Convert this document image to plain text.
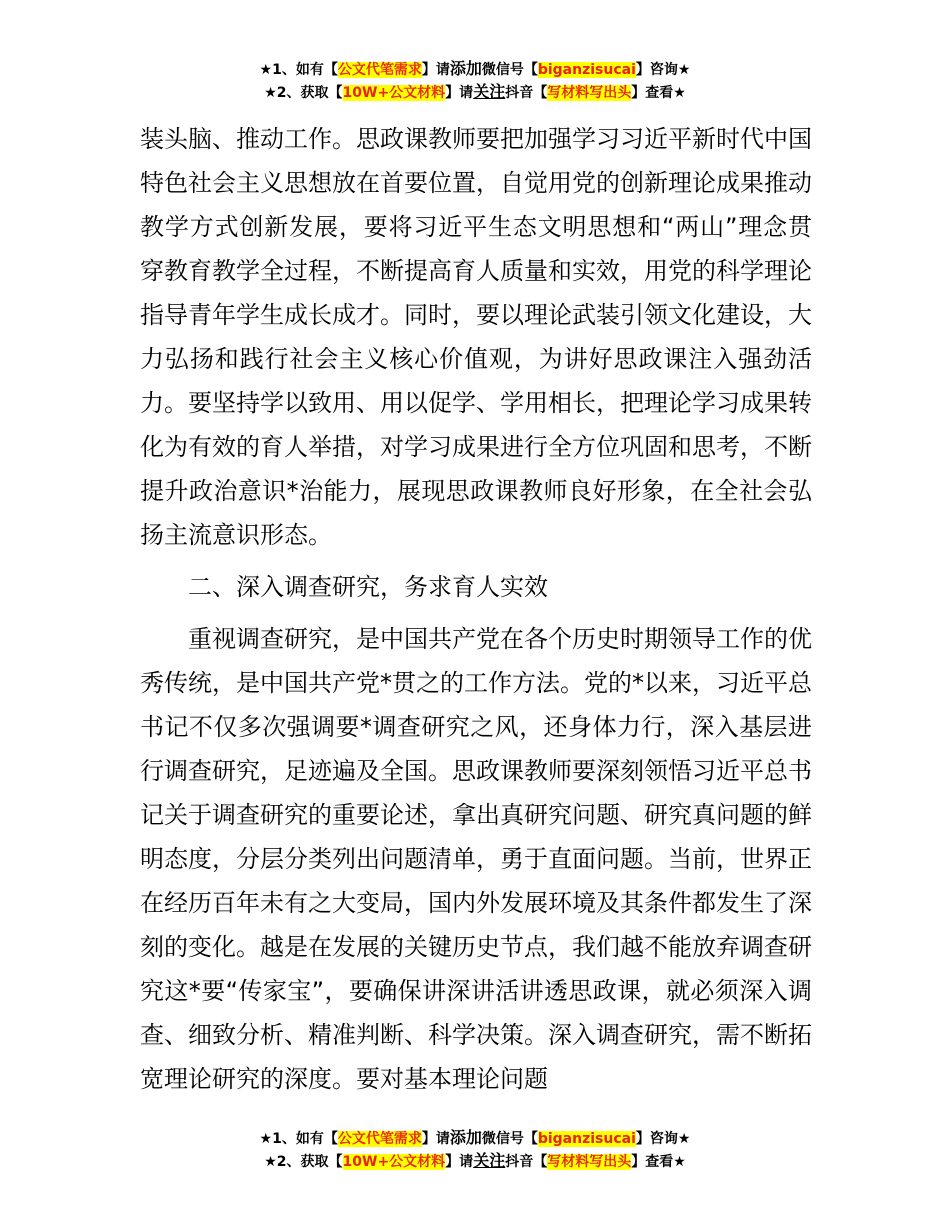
★1、如有【公文代笔需求】请添加微信号【biganzisucai】咨询★
★2、获取【10W+公文材料】请关注抖音【写材料写出头】查看★

装头脑、推动工作。思政课教师要把加强学习习近平新时代中国特色社会主义思想放在首要位置，自觉用党的创新理论成果推动教学方式创新发展，要将习近平生态文明思想和“两山”理念贯穿教育教学全过程，不断提高育人质量和实效，用党的科学理论指导青年学生成长成才。同时，要以理论武装引领文化建设，大力弘扬和践行社会主义核心价值观，为讲好思政课注入强劲活力。要坚持学以致用、用以促学、学用相长，把理论学习成果转化为有效的育人举措，对学习成果进行全方位巩固和思考，不断提升政治意识*治能力，展现思政课教师良好形象，在全社会弘扬主流意识形态。

二、深入调查研究，务求育人实效

重视调查研究，是中国共产党在各个历史时期领导工作的优秀传统，是中国共产党*贯之的工作方法。党的*以来，习近平总书记不仅多次强调要*调查研究之风，还身体力行，深入基层进行调查研究，足迹遍及全国。思政课教师要深刻领悟习近平总书记关于调查研究的重要论述，拿出真研究问题、研究真问题的鲜明态度，分层分类列出问题清单，勇于直面问题。当前，世界正在经历百年未有之大变局，国内外发展环境及其条件都发生了深刻的变化。越是在发展的关键历史节点，我们越不能放弃调查研究这*要“传家宝”，要确保讲深讲活讲透思政课，就必须深入调查、细致分析、精准判断、科学决策。深入调查研究，需不断拓宽理论研究的深度。要对基本理论问题

★1、如有【公文代笔需求】请添加微信号【biganzisucai】咨询★
★2、获取【10W+公文材料】请关注抖音【写材料写出头】查看★
